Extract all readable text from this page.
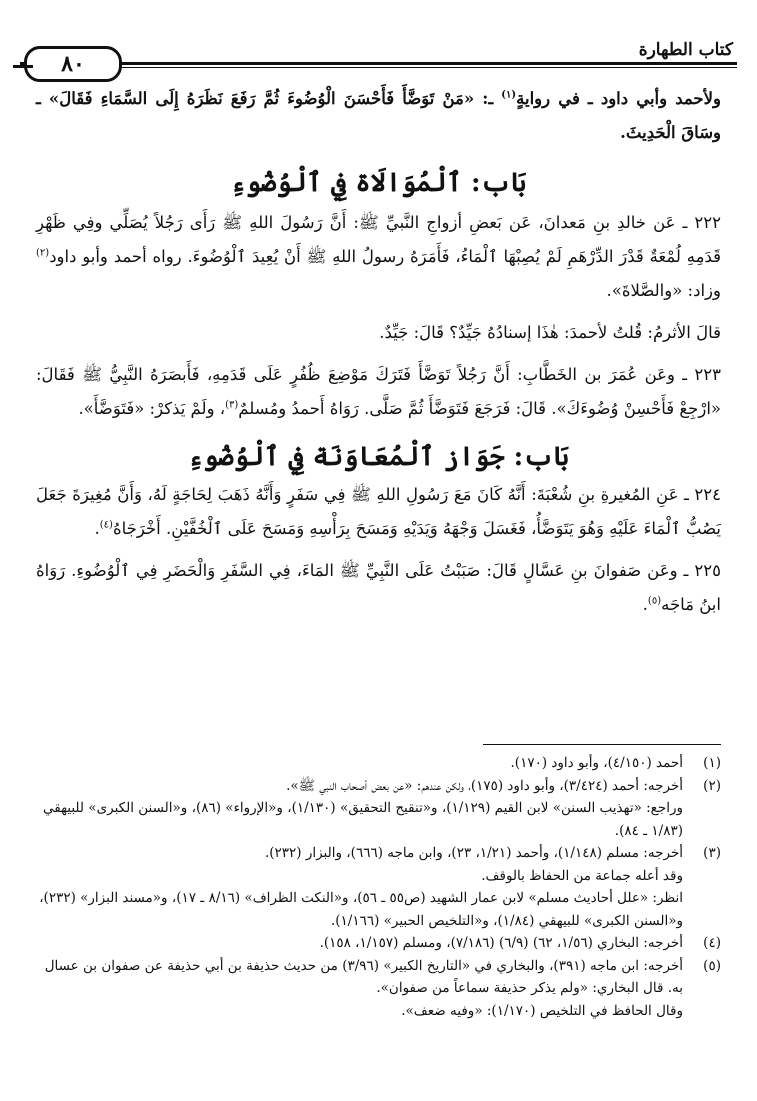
كتاب الطهارة
٨٠

ولأحمد وأبي داود ـ في روايةٍ$^{(١)}$ ـ: «مَنْ تَوَضَّأَ فَأَحْسَنَ الْوُضُوءَ ثُمَّ رَفَعَ نَظَرَهُ إِلَى السَّمَاءِ فَقَالَ» ـ وسَاقَ الْحَدِيثَ.

بَاب: ٱلْمُوَالَاة فِي ٱلْوُضُوءِ

٢٢٢ ـ عَن خالدِ بنِ مَعدانَ، عَن بَعضِ أزواجِ النَّبيِّ ﷺ: أَنَّ رَسُولَ اللهِ ﷺ رَأَى رَجُلاً يُصَلِّي وفِي ظَهْرِ قَدَمِهِ لُمْعَةٌ قَدْرَ الدِّرْهَمِ لَمْ يُصِبْهَا ٱلْمَاءُ، فَأَمَرَهُ رسولُ اللهِ ﷺ أَنْ يُعِيدَ ٱلْوُضُوءَ. رواه أحمد وأبو داود$^{(٢)}$ وزاد: «والصَّلاةَ».

قالَ الأثرمُ: قُلتُ لأحمدَ: هٰذَا إسنادُهُ جَيِّدٌ؟ قَالَ: جَيِّدٌ.

٢٢٣ ـ وعَن عُمَرَ بن الخَطَّابِ: أَنَّ رَجُلاً تَوَضَّأَ فَتَرَكَ مَوْضِعَ ظُفُرٍ عَلَى قَدَمِهِ، فَأَبصَرَهُ النَّبِيُّ ﷺ فَقَالَ: «ارْجِعْ فَأَحْسِنْ وُضُوءَكَ». قَالَ: فَرَجَعَ فَتَوَضَّأَ ثُمَّ صَلَّى. رَوَاهُ أَحمدُ ومُسلمٌ$^{(٣)}$، ولَمْ يَذكرْ: «فَتَوَضَّأَ».

بَاب: جَوَاز ٱلْمُعَاوَنَة فِي ٱلْوُضُوءِ

٢٢٤ ـ عَنِ المُغيرةِ بنِ شُعْبَةَ: أَنَّهُ كَانَ مَعَ رَسُولِ اللهِ ﷺ فِي سَفَرٍ وَأَنَّهُ ذَهَبَ لِحَاجَةٍ لَهُ، وَأَنَّ مُغِيرَةَ جَعَلَ يَصُبُّ ٱلْمَاءَ عَلَيْهِ وَهُوَ يَتَوَضَّأُ، فَغَسَلَ وَجْهَهُ وَيَدَيْهِ وَمَسَحَ بِرَأْسِهِ وَمَسَحَ عَلَى ٱلْخُفَّيْنِ. أَخْرَجَاهُ$^{(٤)}$.

٢٢٥ ـ وعَن صَفوانَ بنِ عَسَّالٍ قَالَ: صَبَبْتُ عَلَى النَّبِيِّ ﷺ المَاءَ، فِي السَّفَرِ وَالْحَضَرِ فِي ٱلْوُضُوءِ. رَوَاهُ ابنُ مَاجَه$^{(٥)}$.

(١)
أحمد (٤/١٥٠)، وأبو داود (١٧٠).
(٢)
أخرجه: أحمد (٣/٤٢٤)، وأبو داود (١٧٥)، ولكن عندهم: «عن بعض أصحاب النبي ﷺ».
وراجع: «تهذيب السنن» لابن القيم (١/١٢٩)، و«تنقيح التحقيق» (١/١٣٠)، و«الإرواء» (٨٦)، و«السنن الكبرى» للبيهقي (١/٨٣ ـ ٨٤).
(٣)
أخرجه: مسلم (١/١٤٨)، وأحمد (١/٢١، ٢٣)، وابن ماجه (٦٦٦)، والبزار (٢٣٢).
وقد أعله جماعة من الحفاظ بالوقف.
انظر: «علل أحاديث مسلم» لابن عمار الشهيد (ص٥٥ ـ ٥٦)، و«النكت الظراف» (٨/١٦ ـ ١٧)، و«مسند البزار» (٢٣٢)، و«السنن الكبرى» للبيهقي (١/٨٤)، و«التلخيص الحبير» (١/١٦٦).
(٤)
أخرجه: البخاري (١/٥٦، ٦٢) (٦/٩) (٧/١٨٦)، ومسلم (١/١٥٧، ١٥٨).
(٥)
أخرجه: ابن ماجه (٣٩١)، والبخاري في «التاريخ الكبير» (٣/٩٦) من حديث حذيفة بن أبي حذيفة عن صفوان بن عسال به. قال البخاري: «ولم يذكر حذيفة سماعاً من صفوان».
وقال الحافظ في التلخيص (١/١٧٠): «وفيه ضعف».
